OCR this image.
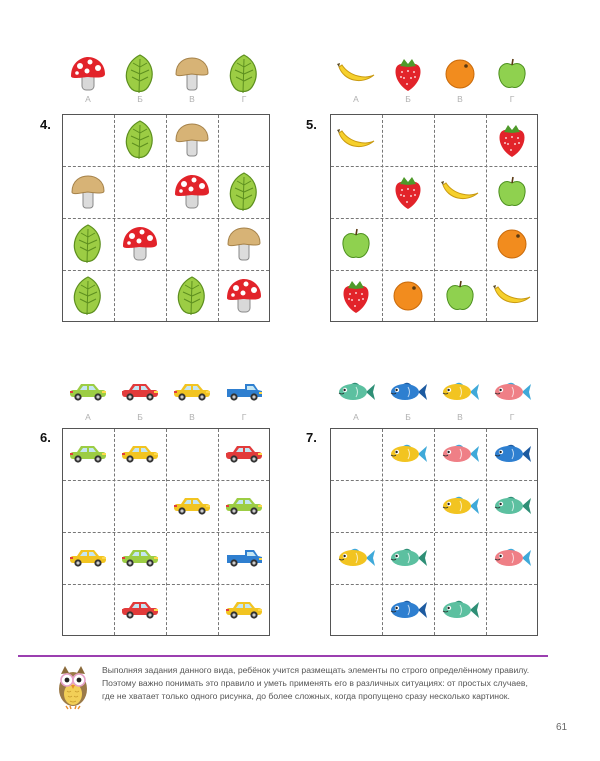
А	Б	В	Г
4.
А	Б	В	Г
5.
А	Б	В	Г
6.
А	Б	В	Г
7.
Выполняя задания данного вида, ребёнок учится размещать элементы по строго определённому правилу.
Поэтому важно понимать это правило и уметь применять его в различных ситуациях: от простых случаев,
где не хватает только одного рисунка, до более сложных, когда пропущено сразу несколько картинок.
61
